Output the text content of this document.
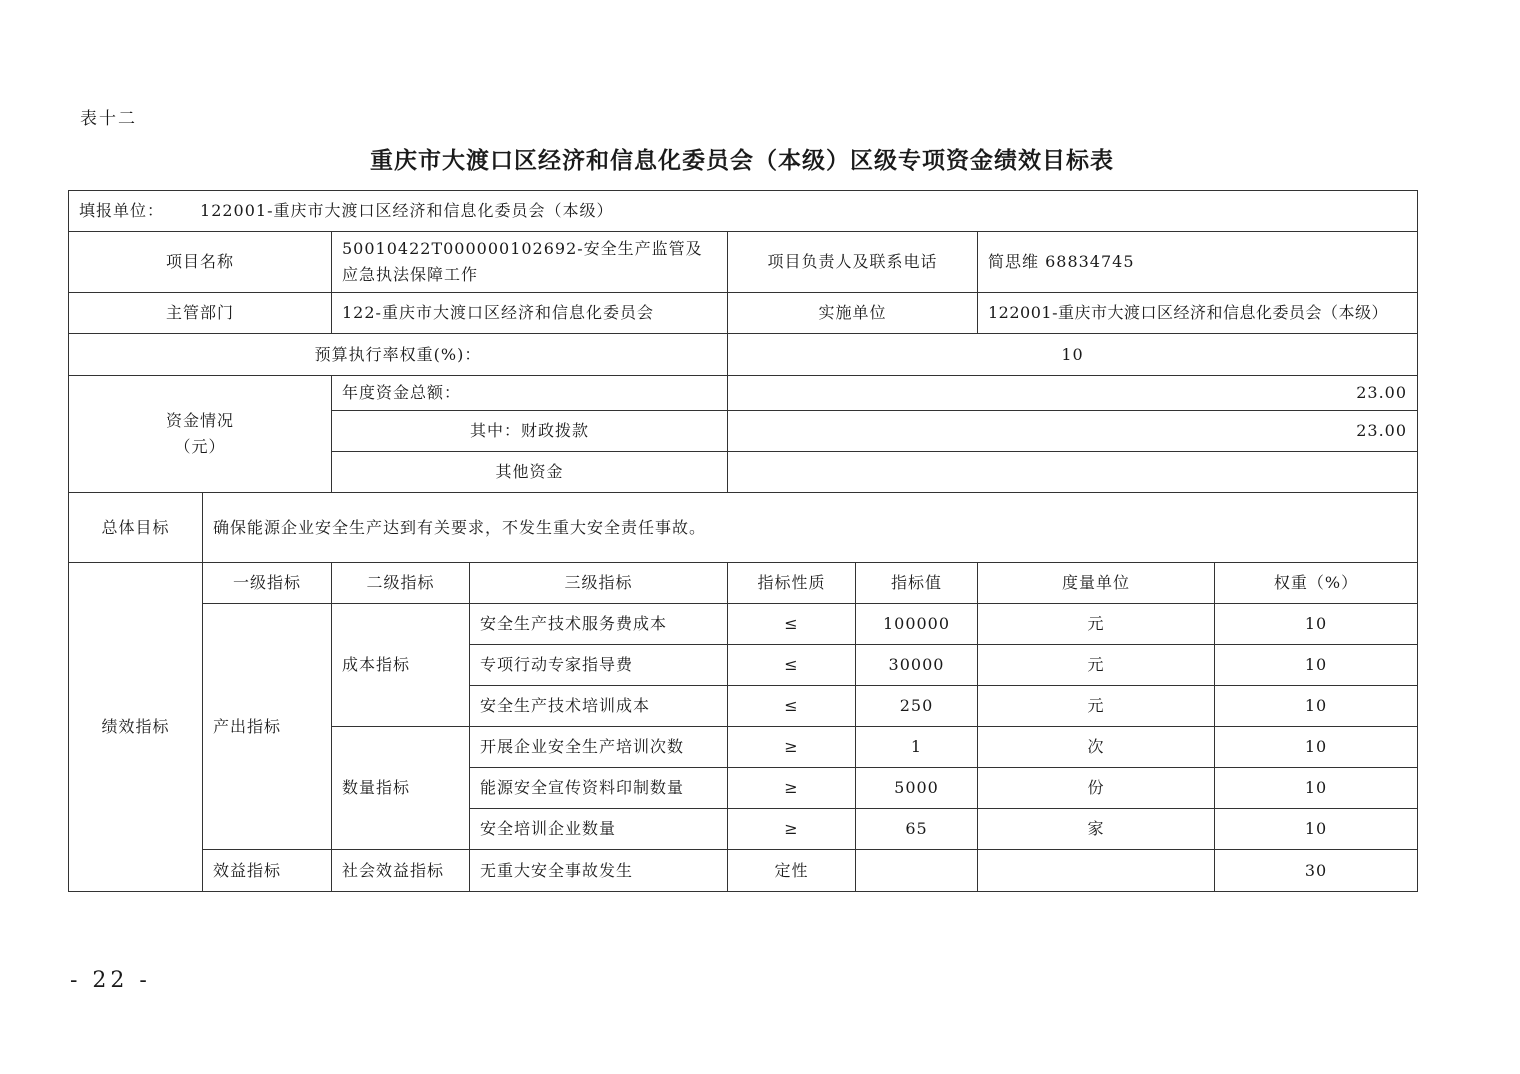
表十二
重庆市大渡口区经济和信息化委员会（本级）区级专项资金绩效目标表
填报单位： 122001-重庆市大渡口区经济和信息化委员会（本级）							
项目名称		50010422T000000102692-安全生产监管及应急执法保障工作		项目负责人及联系电话		简思维 68834745	
主管部门		122-重庆市大渡口区经济和信息化委员会		实施单位		122001-重庆市大渡口区经济和信息化委员会（本级）	
预算执行率权重(%)：				10			

资金情况
（元）		年度资金总额：		23.00			
		其中：财政拨款		23.00			
		其他资金					
总体目标	确保能源企业安全生产达到有关要求，不发生重大安全责任事故。						
绩效指标	一级指标	二级指标	三级指标	指标性质	指标值	度量单位	权重（%）
	产出指标	成本指标	安全生产技术服务费成本	≤	100000	元	10
			专项行动专家指导费	≤	30000	元	10
			安全生产技术培训成本	≤	250	元	10
		数量指标	开展企业安全生产培训次数	≥	1	次	10
			能源安全宣传资料印制数量	≥	5000	份	10
			安全培训企业数量	≥	65	家	10
	效益指标	社会效益指标	无重大安全事故发生	定性			30
- 22 -
